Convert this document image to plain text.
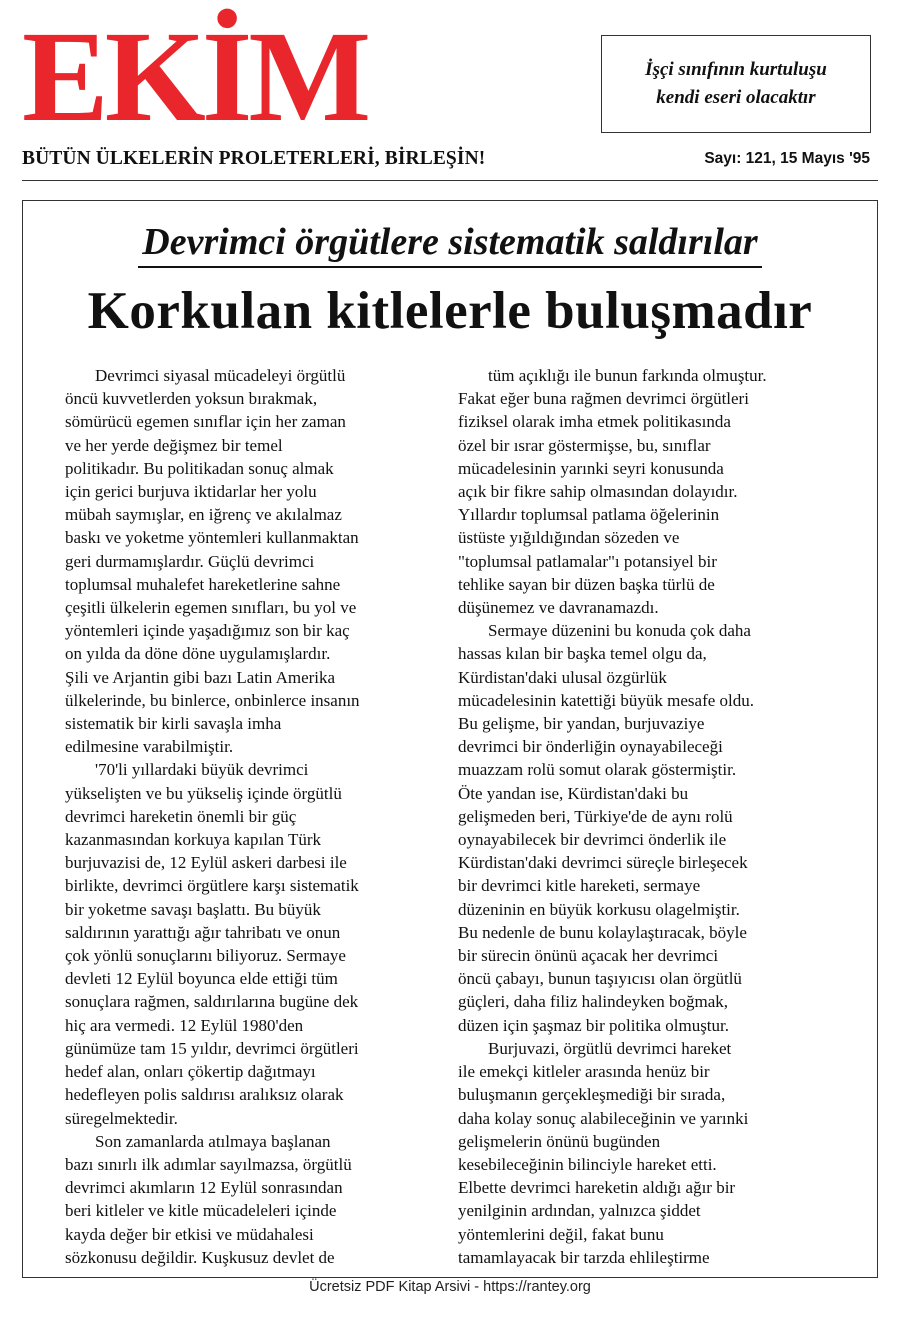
EKİM	İşçi sınıfının kurtuluşu
kendi eseri olacaktır
BÜTÜN ÜLKELERİN PROLETERLERİ, BİRLEŞİN!	Sayı: 121, 15 Mayıs '95
Devrimci örgütlere sistematik saldırılar
Korkulan kitlelerle buluşmadır

Devrimci siyasal mücadeleyi örgütlü
öncü kuvvetlerden yoksun bırakmak,
sömürücü egemen sınıflar için her zaman
ve her yerde değişmez bir temel
politikadır. Bu politikadan sonuç almak
için gerici burjuva iktidarlar her yolu
mübah saymışlar, en iğrenç ve akılalmaz
baskı ve yoketme yöntemleri kullanmaktan
geri durmamışlardır. Güçlü devrimci
toplumsal muhalefet hareketlerine sahne
çeşitli ülkelerin egemen sınıfları, bu yol ve
yöntemleri içinde yaşadığımız son bir kaç
on yılda da döne döne uygulamışlardır.
Şili ve Arjantin gibi bazı Latin Amerika
ülkelerinde, bu binlerce, onbinlerce insanın
sistematik bir kirli savaşla imha
edilmesine varabilmiştir.

'70'li yıllardaki büyük devrimci
yükselişten ve bu yükseliş içinde örgütlü
devrimci hareketin önemli bir güç
kazanmasından korkuya kapılan Türk
burjuvazisi de, 12 Eylül askeri darbesi ile
birlikte, devrimci örgütlere karşı sistematik
bir yoketme savaşı başlattı. Bu büyük
saldırının yarattığı ağır tahribatı ve onun
çok yönlü sonuçlarını biliyoruz. Sermaye
devleti 12 Eylül boyunca elde ettiği tüm
sonuçlara rağmen, saldırılarına bugüne dek
hiç ara vermedi. 12 Eylül 1980'den
günümüze tam 15 yıldır, devrimci örgütleri
hedef alan, onları çökertip dağıtmayı
hedefleyen polis saldırısı aralıksız olarak
süregelmektedir.

Son zamanlarda atılmaya başlanan
bazı sınırlı ilk adımlar sayılmazsa, örgütlü
devrimci akımların 12 Eylül sonrasından
beri kitleler ve kitle mücadeleleri içinde
kayda değer bir etkisi ve müdahalesi
sözkonusu değildir. Kuşkusuz devlet de

tüm açıklığı ile bunun farkında olmuştur.
Fakat eğer buna rağmen devrimci örgütleri
fiziksel olarak imha etmek politikasında
özel bir ısrar göstermişse, bu, sınıflar
mücadelesinin yarınki seyri konusunda
açık bir fikre sahip olmasından dolayıdır.
Yıllardır toplumsal patlama öğelerinin
üstüste yığıldığından sözeden ve
"toplumsal patlamalar"ı potansiyel bir
tehlike sayan bir düzen başka türlü de
düşünemez ve davranamazdı.

Sermaye düzenini bu konuda çok daha
hassas kılan bir başka temel olgu da,
Kürdistan'daki ulusal özgürlük
mücadelesinin katettiği büyük mesafe oldu.
Bu gelişme, bir yandan, burjuvaziye
devrimci bir önderliğin oynayabileceği
muazzam rolü somut olarak göstermiştir.
Öte yandan ise, Kürdistan'daki bu
gelişmeden beri, Türkiye'de de aynı rolü
oynayabilecek bir devrimci önderlik ile
Kürdistan'daki devrimci süreçle birleşecek
bir devrimci kitle hareketi, sermaye
düzeninin en büyük korkusu olagelmiştir.
Bu nedenle de bunu kolaylaştıracak, böyle
bir sürecin önünü açacak her devrimci
öncü çabayı, bunun taşıyıcısı olan örgütlü
güçleri, daha filiz halindeyken boğmak,
düzen için şaşmaz bir politika olmuştur.

Burjuvazi, örgütlü devrimci hareket
ile emekçi kitleler arasında henüz bir
buluşmanın gerçekleşmediği bir sırada,
daha kolay sonuç alabileceğinin ve yarınki
gelişmelerin önünü bugünden
kesebileceğinin bilinciyle hareket etti.
Elbette devrimci hareketin aldığı ağır bir
yenilginin ardından, yalnızca şiddet
yöntemlerini değil, fakat bunu
tamamlayacak bir tarzda ehlileştirme

Ücretsiz PDF Kitap Arsivi - https://rantey.org
